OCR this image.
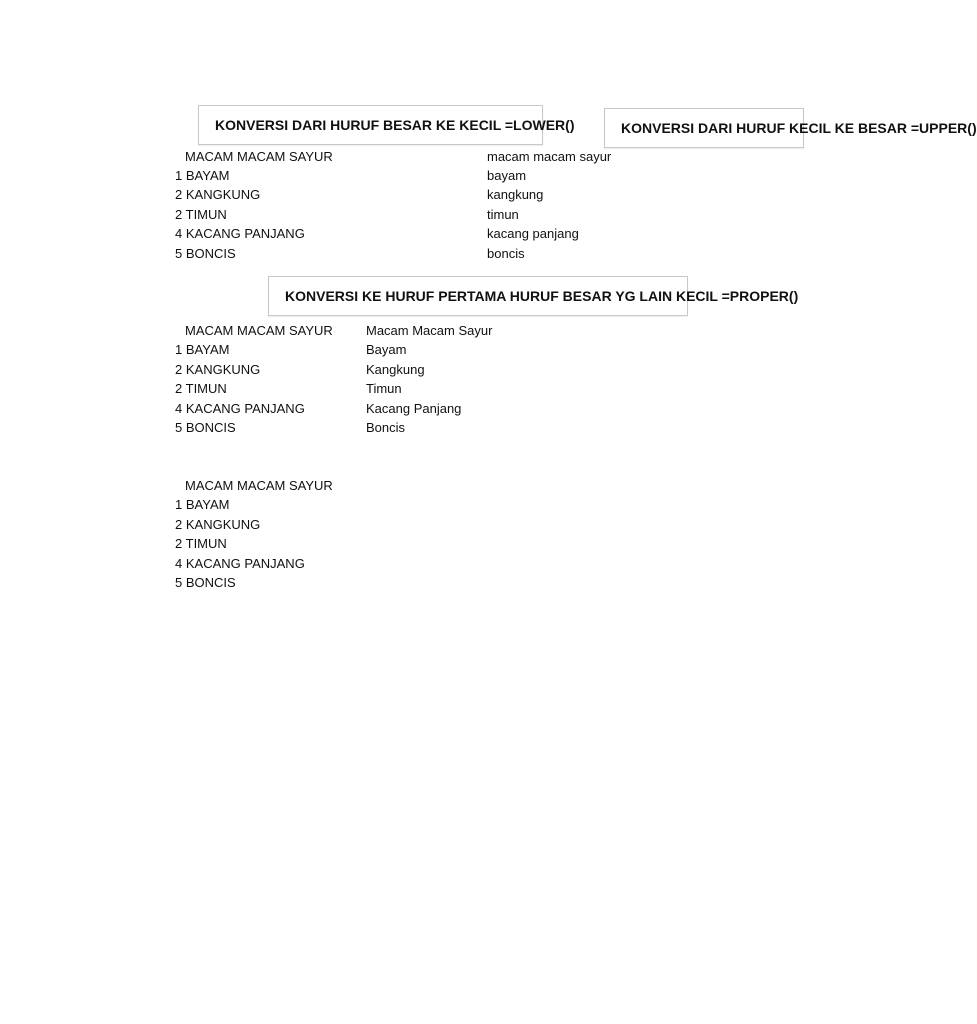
KONVERSI DARI HURUF BESAR KE KECIL =LOWER()	KONVERSI DARI HURUF KECIL KE BESAR =UPPER()
MACAM MACAM SAYUR
1 BAYAM
2 KANGKUNG
2 TIMUN
4 KACANG PANJANG
5 BONCIS
macam macam sayur
bayam
kangkung
timun
kacang panjang
boncis
KONVERSI KE HURUF PERTAMA HURUF BESAR YG LAIN KECIL =PROPER()
MACAM MACAM SAYUR
1 BAYAM
2 KANGKUNG
2 TIMUN
4 KACANG PANJANG
5 BONCIS
Macam Macam Sayur
Bayam
Kangkung
Timun
Kacang Panjang
Boncis
MACAM MACAM SAYUR
1 BAYAM
2 KANGKUNG
2 TIMUN
4 KACANG PANJANG
5 BONCIS
